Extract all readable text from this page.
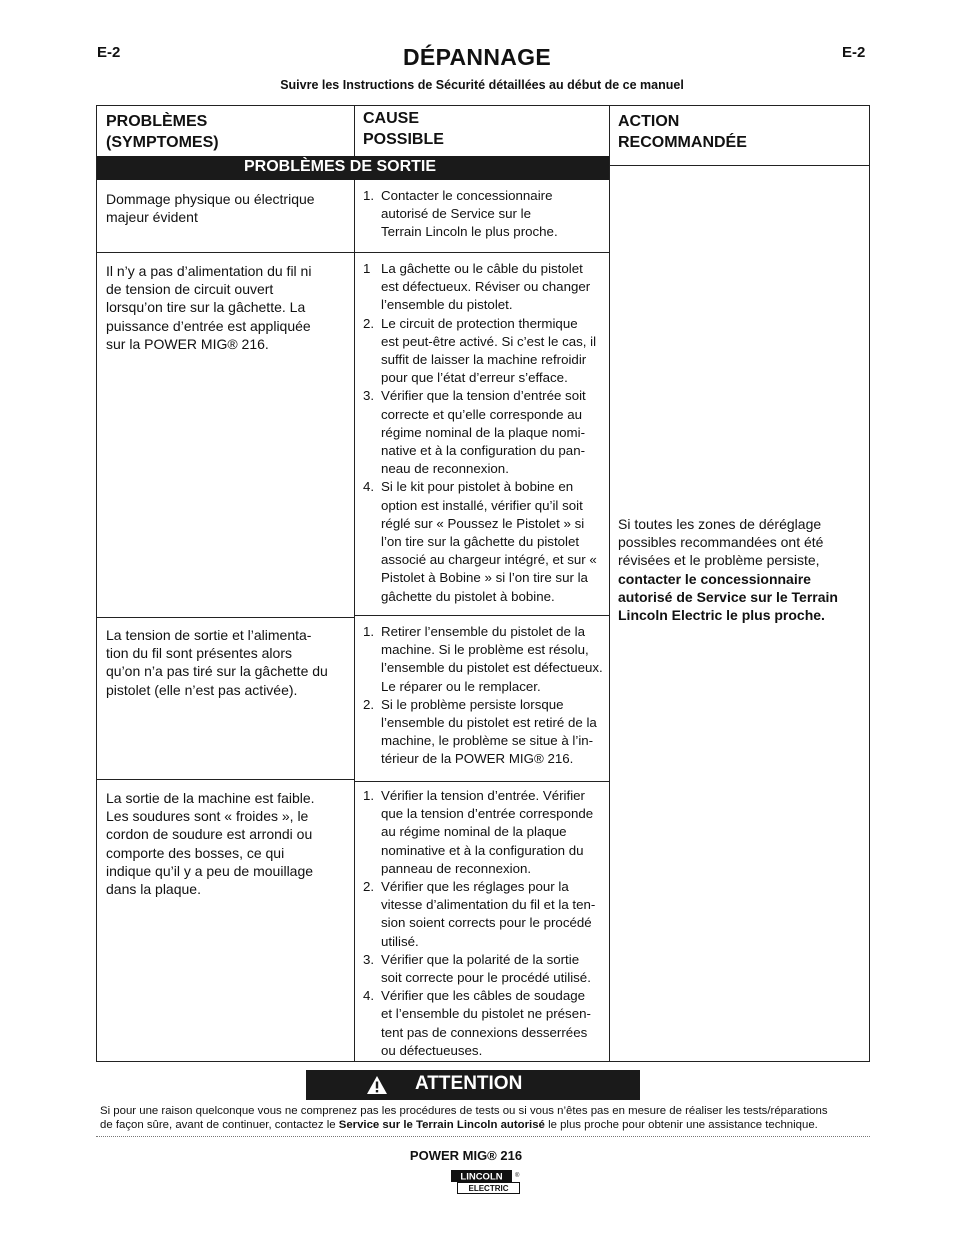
E-2	E-2
DÉPANNAGE
Suivre les Instructions de Sécurité détaillées au début de ce manuel
PROBLÈMES
(SYMPTOMES)
CAUSE
POSSIBLE
ACTION
RECOMMANDÉE
PROBLÈMES DE SORTIE
Dommage physique ou électrique
majeur évident
1. Contacter le concessionnaire
autorisé de Service sur le
Terrain Lincoln le plus proche.
Il n’y a pas d’alimentation du fil ni
de tension de circuit ouvert
lorsqu’on tire sur la gâchette. La
puissance d’entrée est appliquée
sur la POWER MIG® 216.
1 La gâchette ou le câble du pistolet
est défectueux. Réviser ou changer
l’ensemble du pistolet.
2. Le circuit de protection thermique
est peut-être activé. Si c’est le cas, il
suffit de laisser la machine refroidir
pour que l’état d’erreur s’efface.
3. Vérifier que la tension d’entrée soit
correcte et qu’elle corresponde au
régime nominal de la plaque nomi-
native et à la configuration du pan-
neau de reconnexion.
4. Si le kit pour pistolet à bobine en
option est installé, vérifier qu’il soit
réglé sur « Poussez le Pistolet » si
l’on tire sur la gâchette du pistolet
associé au chargeur intégré, et sur «
Pistolet à Bobine » si l’on tire sur la
gâchette du pistolet à bobine.
La tension de sortie et l’alimenta-
tion du fil sont présentes alors
qu’on n’a pas tiré sur la gâchette du
pistolet (elle n’est pas activée).
1. Retirer l’ensemble du pistolet de la
machine. Si le problème est résolu,
l’ensemble du pistolet est défectueux.
Le réparer ou le remplacer.
2. Si le problème persiste lorsque
l’ensemble du pistolet est retiré de la
machine, le problème se situe à l’in-
térieur de la POWER MIG® 216.
La sortie de la machine est faible.
Les soudures sont « froides », le
cordon de soudure est arrondi ou
comporte des bosses, ce qui
indique qu’il y a peu de mouillage
dans la plaque.
1. Vérifier la tension d’entrée. Vérifier
que la tension d’entrée corresponde
au régime nominal de la plaque
nominative et à la configuration du
panneau de reconnexion.
2. Vérifier que les réglages pour la
vitesse d’alimentation du fil et la ten-
sion soient corrects pour le procédé
utilisé.
3. Vérifier que la polarité de la sortie
soit correcte pour le procédé utilisé.
4. Vérifier que les câbles de soudage
et l’ensemble du pistolet ne présen-
tent pas de connexions desserrées
ou défectueuses.
Si toutes les zones de déréglage
possibles recommandées ont été
révisées et le problème persiste,
contacter le concessionnaire
autorisé de Service sur le Terrain
Lincoln Electric le plus proche.
ATTENTION
Si pour une raison quelconque vous ne comprenez pas les procédures de tests ou si vous n’êtes pas en mesure de réaliser les tests/réparations
de façon sûre, avant de continuer, contactez le Service sur le Terrain Lincoln autorisé le plus proche pour obtenir une assistance technique.
POWER MIG® 216
LINCOLN ®
ELECTRIC
